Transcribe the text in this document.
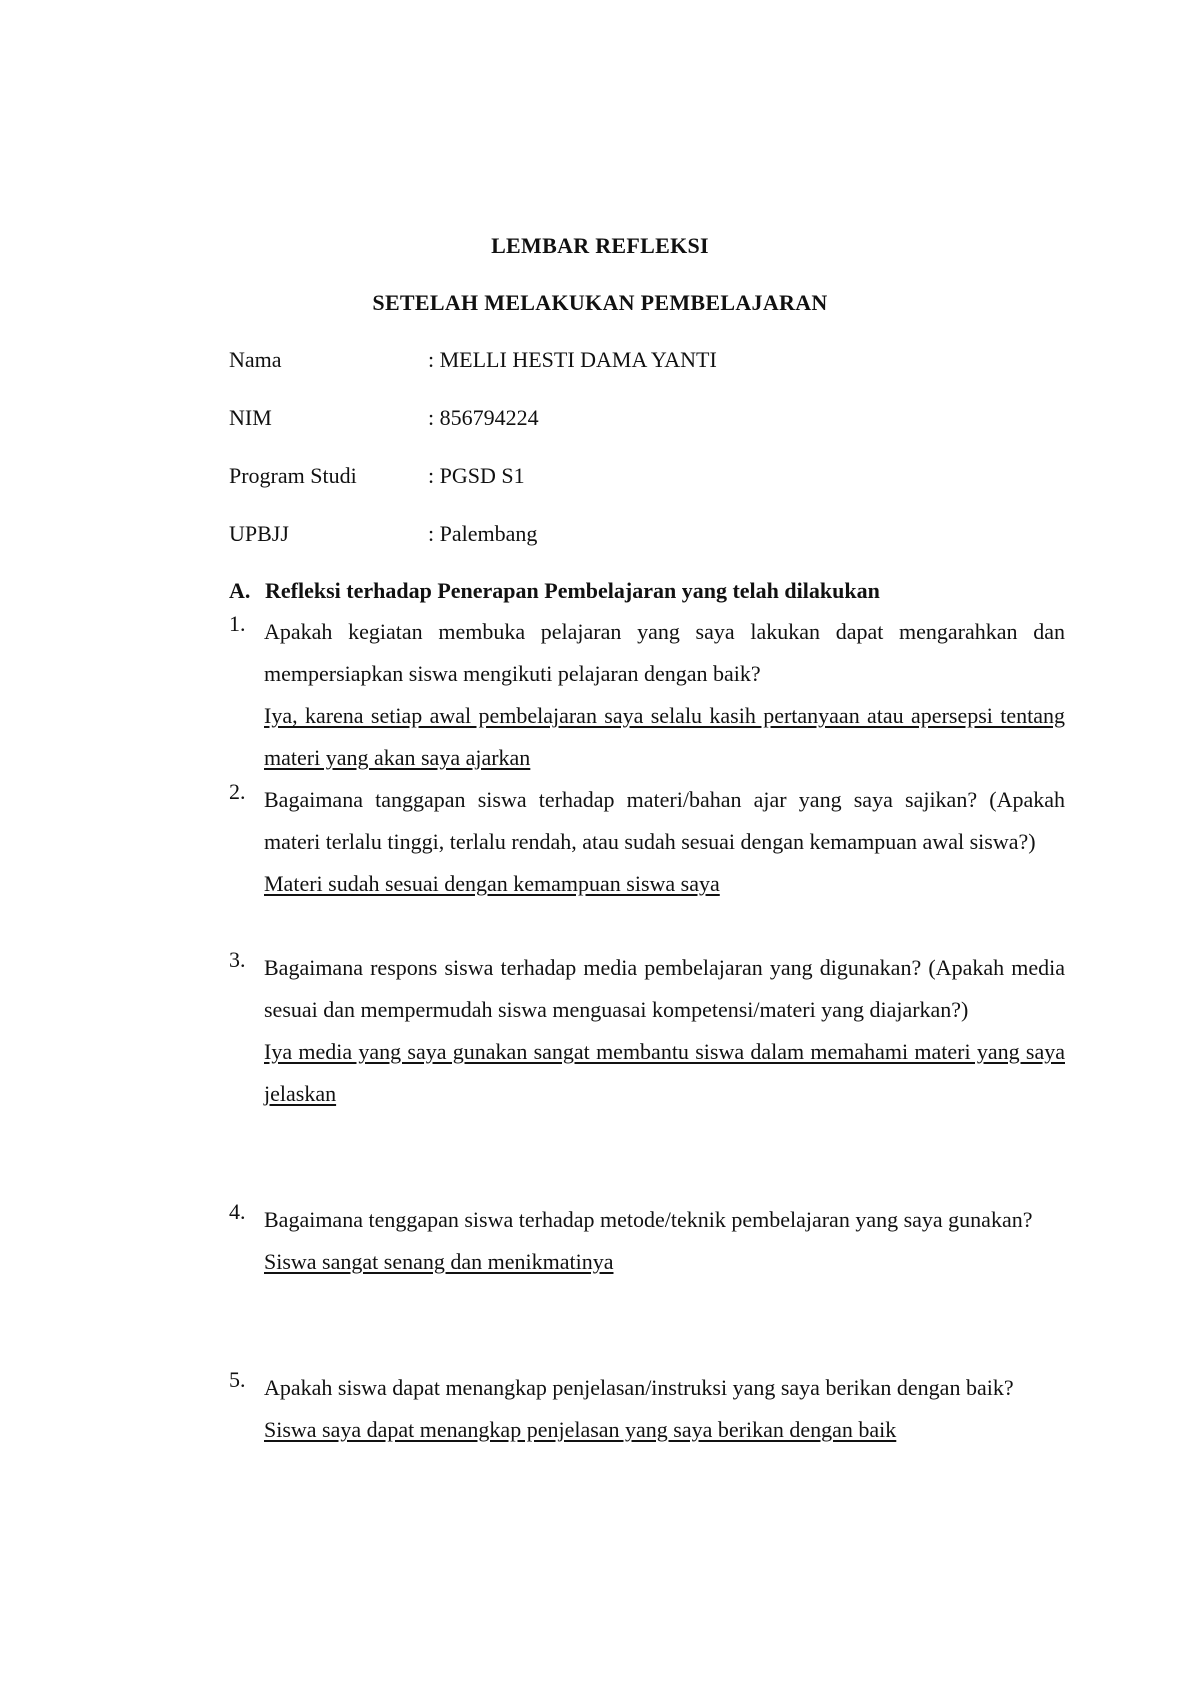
LEMBAR REFLEKSI
SETELAH MELAKUKAN PEMBELAJARAN
Nama	: MELLI HESTI DAMA YANTI
NIM	: 856794224
Program Studi	: PGSD S1
UPBJJ	: Palembang
A. Refleksi terhadap Penerapan Pembelajaran yang telah dilakukan
1. Apakah kegiatan membuka pelajaran yang saya lakukan dapat mengarahkan dan mempersiapkan siswa mengikuti pelajaran dengan baik?

Iya, karena setiap awal pembelajaran saya selalu kasih pertanyaan atau apersepsi tentang materi yang akan saya ajarkan

2. Bagaimana tanggapan siswa terhadap materi/bahan ajar yang saya sajikan? (Apakah materi terlalu tinggi, terlalu rendah, atau sudah sesuai dengan kemampuan awal siswa?)

Materi sudah sesuai dengan kemampuan siswa saya

3. Bagaimana respons siswa terhadap media pembelajaran yang digunakan? (Apakah media sesuai dan mempermudah siswa menguasai kompetensi/materi yang diajarkan?)

Iya media yang saya gunakan sangat membantu siswa dalam memahami materi yang saya jelaskan

4. Bagaimana tenggapan siswa terhadap metode/teknik pembelajaran yang saya gunakan?

Siswa sangat senang dan menikmatinya

5. Apakah siswa dapat menangkap penjelasan/instruksi yang saya berikan dengan baik?

Siswa saya dapat menangkap penjelasan yang saya berikan dengan baik
